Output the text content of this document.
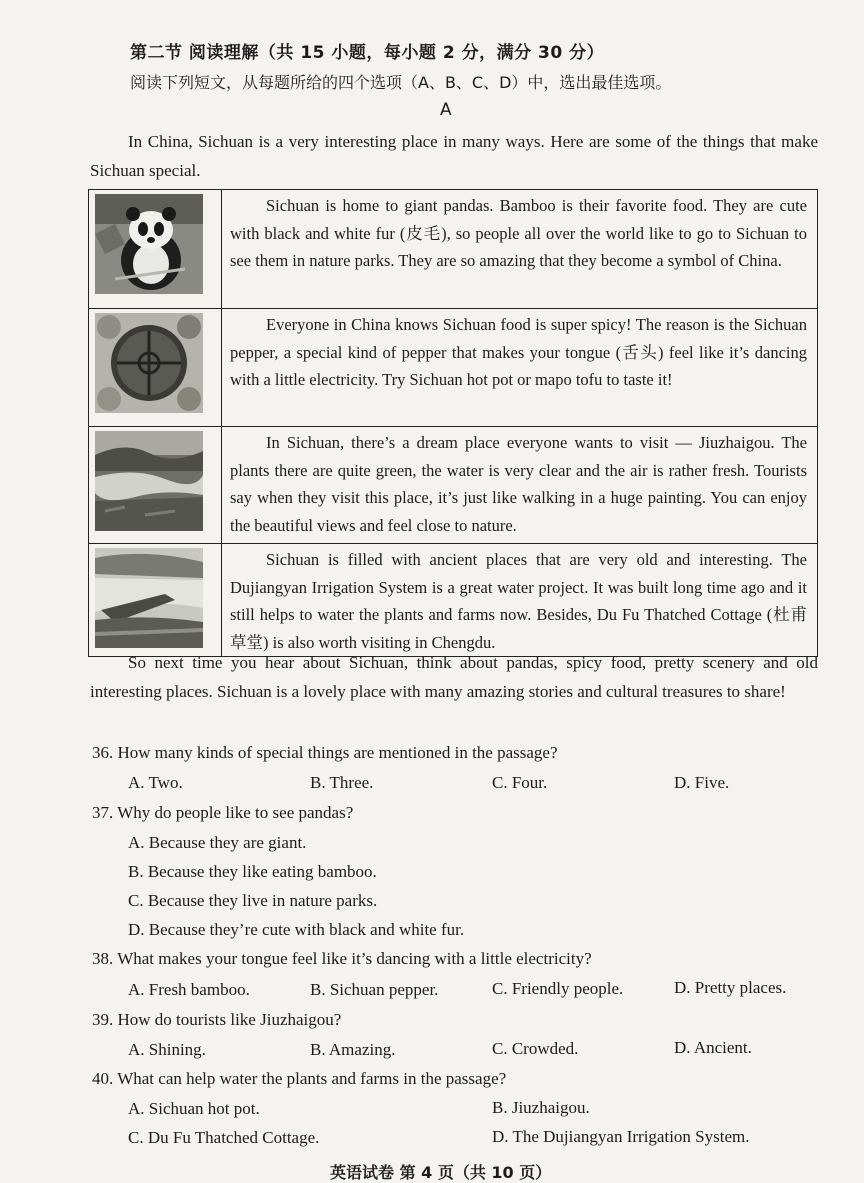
第二节 阅读理解（共 15 小题，每小题 2 分，满分 30 分）
阅读下列短文，从每题所给的四个选项（A、B、C、D）中，选出最佳选项。
A
In China, Sichuan is a very interesting place in many ways. Here are some of the things that make Sichuan special.
	Sichuan is home to giant pandas. Bamboo is their favorite food. They are cute with black and white fur (皮毛), so people all over the world like to go to Sichuan to see them in nature parks. They are so amazing that they become a symbol of China.

	Everyone in China knows Sichuan food is super spicy! The reason is the Sichuan pepper, a special kind of pepper that makes your tongue (舌头) feel like it’s dancing with a little electricity. Try Sichuan hot pot or mapo tofu to taste it!

	In Sichuan, there’s a dream place everyone wants to visit — Jiuzhaigou. The plants there are quite green, the water is very clear and the air is rather fresh. Tourists say when they visit this place, it’s just like walking in a huge painting. You can enjoy the beautiful views and feel close to nature.

	Sichuan is filled with ancient places that are very old and interesting. The Dujiangyan Irrigation System is a great water project. It was built long time ago and it still helps to water the plants and farms now. Besides, Du Fu Thatched Cottage (杜甫草堂) is also worth visiting in Chengdu.
So next time you hear about Sichuan, think about pandas, spicy food, pretty scenery and old interesting places. Sichuan is a lovely place with many amazing stories and cultural treasures to share!
36. How many kinds of special things are mentioned in the passage?
A. Two.	B. Three.	C. Four.	D. Five.
37. Why do people like to see pandas?
A. Because they are giant.
B. Because they like eating bamboo.
C. Because they live in nature parks.
D. Because they’re cute with black and white fur.
38. What makes your tongue feel like it’s dancing with a little electricity?
A. Fresh bamboo.	B. Sichuan pepper.	C. Friendly people.	D. Pretty places.
39. How do tourists like Jiuzhaigou?
A. Shining.	B. Amazing.	C. Crowded.	D. Ancient.
40. What can help water the plants and farms in the passage?
A. Sichuan hot pot.	B. Jiuzhaigou.
C. Du Fu Thatched Cottage.	D. The Dujiangyan Irrigation System.
英语试卷 第 4 页（共 10 页）
